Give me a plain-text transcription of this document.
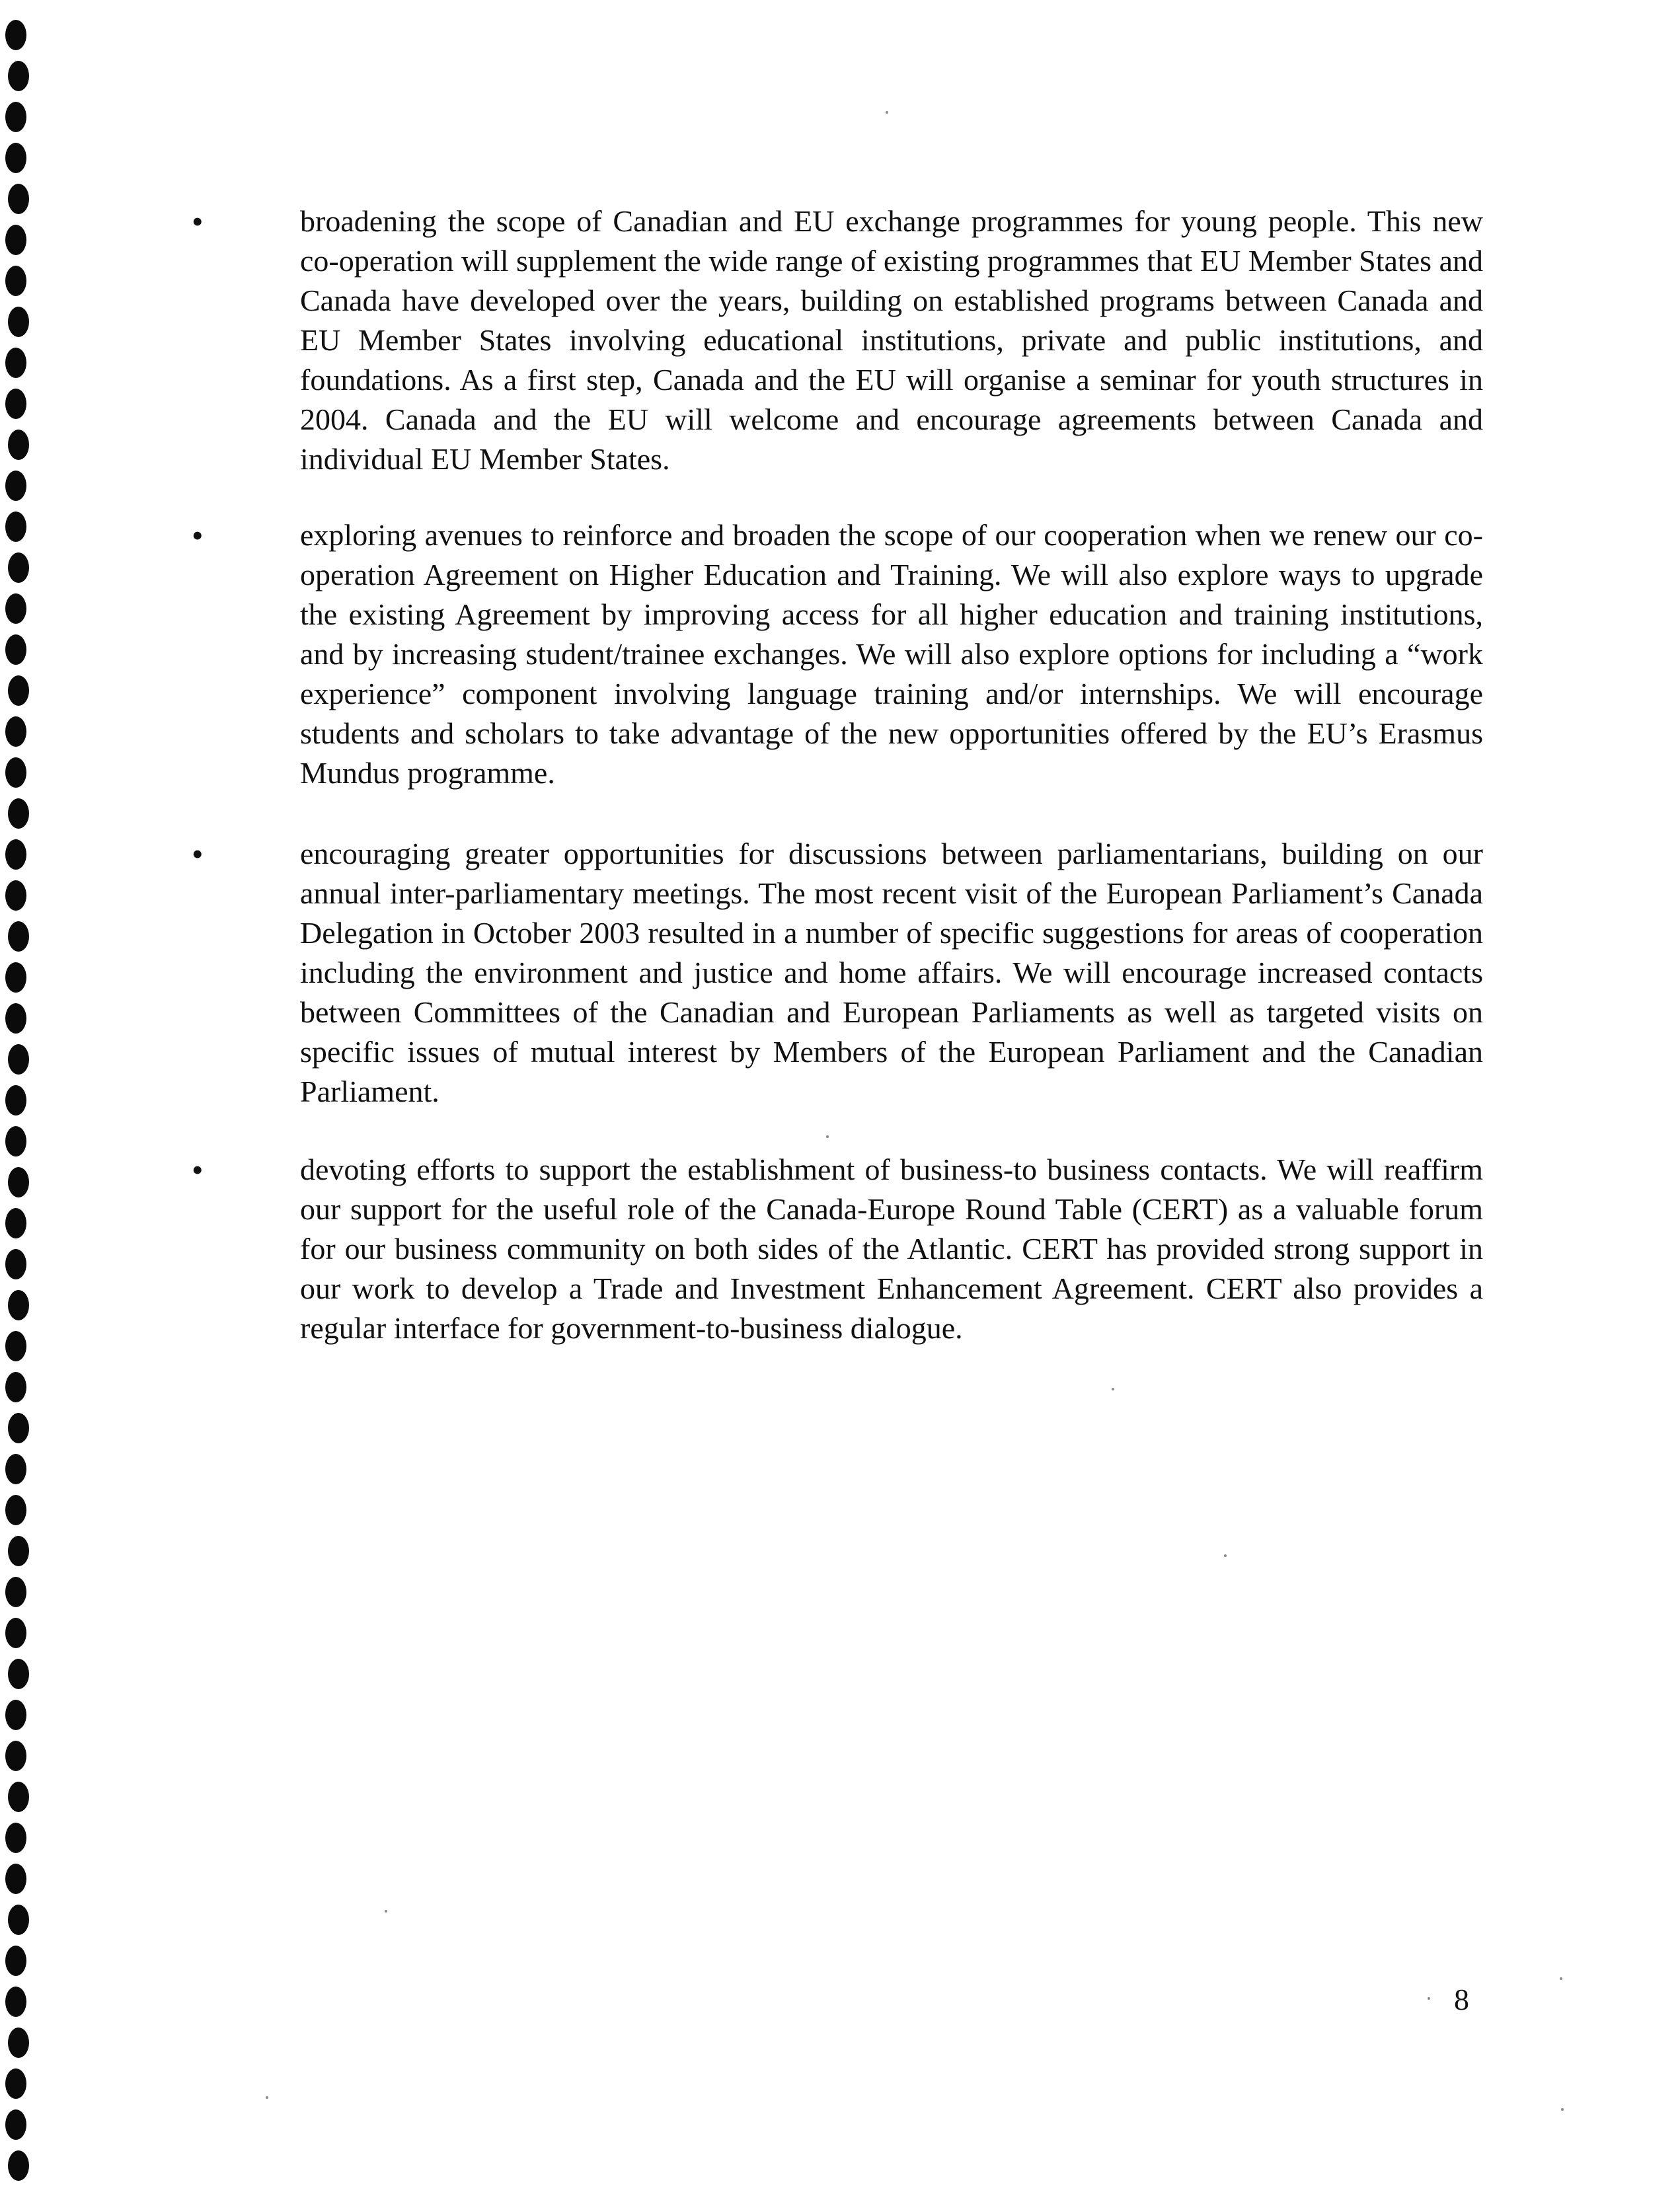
•	broadening the scope of Canadian and EU exchange programmes for young people. This new co-operation will supplement the wide range of existing programmes that EU Member States and Canada have developed over the years, building on established programs between Canada and EU Member States involving educational institutions, private and public institutions, and foundations. As a first step, Canada and the EU will organise a seminar for youth structures in 2004. Canada and the EU will welcome and encourage agreements between Canada and individual EU Member States.
•	exploring avenues to reinforce and broaden the scope of our cooperation when we renew our co-operation Agreement on Higher Education and Training. We will also explore ways to upgrade the existing Agreement by improving access for all higher education and training institutions, and by increasing student/trainee exchanges. We will also explore options for including a “work experience” component involving language training and/or internships. We will encourage students and scholars to take advantage of the new opportunities offered by the EU’s Erasmus Mundus programme.
•	encouraging greater opportunities for discussions between parliamentarians, building on our annual inter-parliamentary meetings. The most recent visit of the European Parliament’s Canada Delegation in October 2003 resulted in a number of specific suggestions for areas of cooperation including the environment and justice and home affairs. We will encourage increased contacts between Committees of the Canadian and European Parliaments as well as targeted visits on specific issues of mutual interest by Members of the European Parliament and the Canadian Parliament.
•	devoting efforts to support the establishment of business-to business contacts. We will reaffirm our support for the useful role of the Canada-Europe Round Table (CERT) as a valuable forum for our business community on both sides of the Atlantic. CERT has provided strong support in our work to develop a Trade and Investment Enhancement Agreement. CERT also provides a regular interface for government-to-business dialogue.
8
